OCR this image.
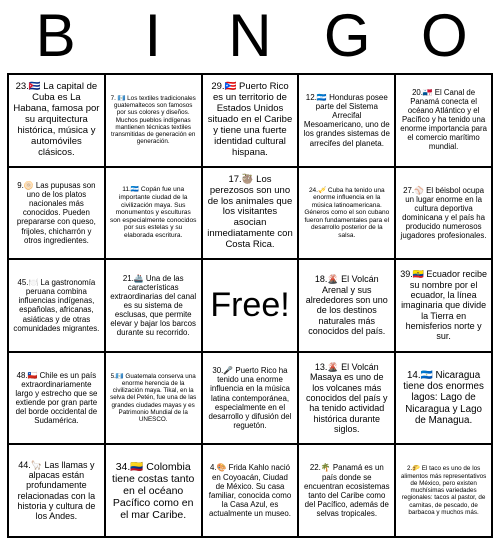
B	I	N G O
23.🇨🇺 La capital de Cuba es La Habana, famosa por su arquitectura histórica, música y automóviles clásicos.
7. 🇬🇹 Los textiles tradicionales guatemaltecos son famosos por sus colores y diseños. Muchos pueblos indígenas mantienen técnicas textiles transmitidas de generación en generación.
29.🇵🇷 Puerto Rico es un territorio de Estados Unidos situado en el Caribe y tiene una fuerte identidad cultural hispana.
12.🇭🇳 Honduras posee parte del Sistema Arrecifal Mesoamericano, uno de los grandes sistemas de arrecifes del planeta.
20.🇵🇦 El Canal de Panamá conecta el océano Atlántico y el Pacífico y ha tenido una enorme importancia para el comercio marítimo mundial.
9.🫓 Las pupusas son uno de los platos nacionales más conocidos. Pueden prepararse con queso, frijoles, chicharrón y otros ingredientes.
11.🇭🇳 Copán fue una importante ciudad de la civilización maya. Sus monumentos y esculturas son especialmente conocidos por sus estelas y su elaborada escritura.
17.🦥 Los perezosos son uno de los animales que los visitantes asocian inmediatamente con Costa Rica.
24.🎺 Cuba ha tenido una enorme influencia en la música latinoamericana. Géneros como el son cubano fueron fundamentales para el desarrollo posterior de la salsa.
27.⚾ El béisbol ocupa un lugar enorme en la cultura deportiva dominicana y el país ha producido numerosos jugadores profesionales.
45.🍽️ La gastronomía peruana combina influencias indígenas, españolas, africanas, asiáticas y de otras comunidades migrantes.
21.🚢 Una de las características extraordinarias del canal es su sistema de esclusas, que permite elevar y bajar los barcos durante su recorrido.
Free!
18.🌋 El Volcán Arenal y sus alrededores son uno de los destinos naturales más conocidos del país.
39.🇪🇨 Ecuador recibe su nombre por el ecuador, la línea imaginaria que divide la Tierra en hemisferios norte y sur.
48.🇨🇱 Chile es un país extraordinariamente largo y estrecho que se extiende por gran parte del borde occidental de Sudamérica.
5.🇬🇹 Guatemala conserva una enorme herencia de la civilización maya. Tikal, en la selva del Petén, fue una de las grandes ciudades mayas y es Patrimonio Mundial de la UNESCO.
30.🎤 Puerto Rico ha tenido una enorme influencia en la música latina contemporánea, especialmente en el desarrollo y difusión del reguetón.
13.🌋 El Volcán Masaya es uno de los volcanes más conocidos del país y ha tenido actividad histórica durante siglos.
14.🇳🇮 Nicaragua tiene dos enormes lagos: Lago de Nicaragua y Lago de Managua.
44.🦙 Las llamas y alpacas están profundamente relacionadas con la historia y cultura de los Andes.
34.🇨🇴 Colombia tiene costas tanto en el océano Pacífico como en el mar Caribe.
4.🎨 Frida Kahlo nació en Coyoacán, Ciudad de México. Su casa familiar, conocida como la Casa Azul, es actualmente un museo.
22.🌴 Panamá es un país donde se encuentran ecosistemas tanto del Caribe como del Pacífico, además de selvas tropicales.
2.🌮 El taco es uno de los alimentos más representativos de México, pero existen muchísimas variedades regionales: tacos al pastor, de carnitas, de pescado, de barbacoa y muchos más.
